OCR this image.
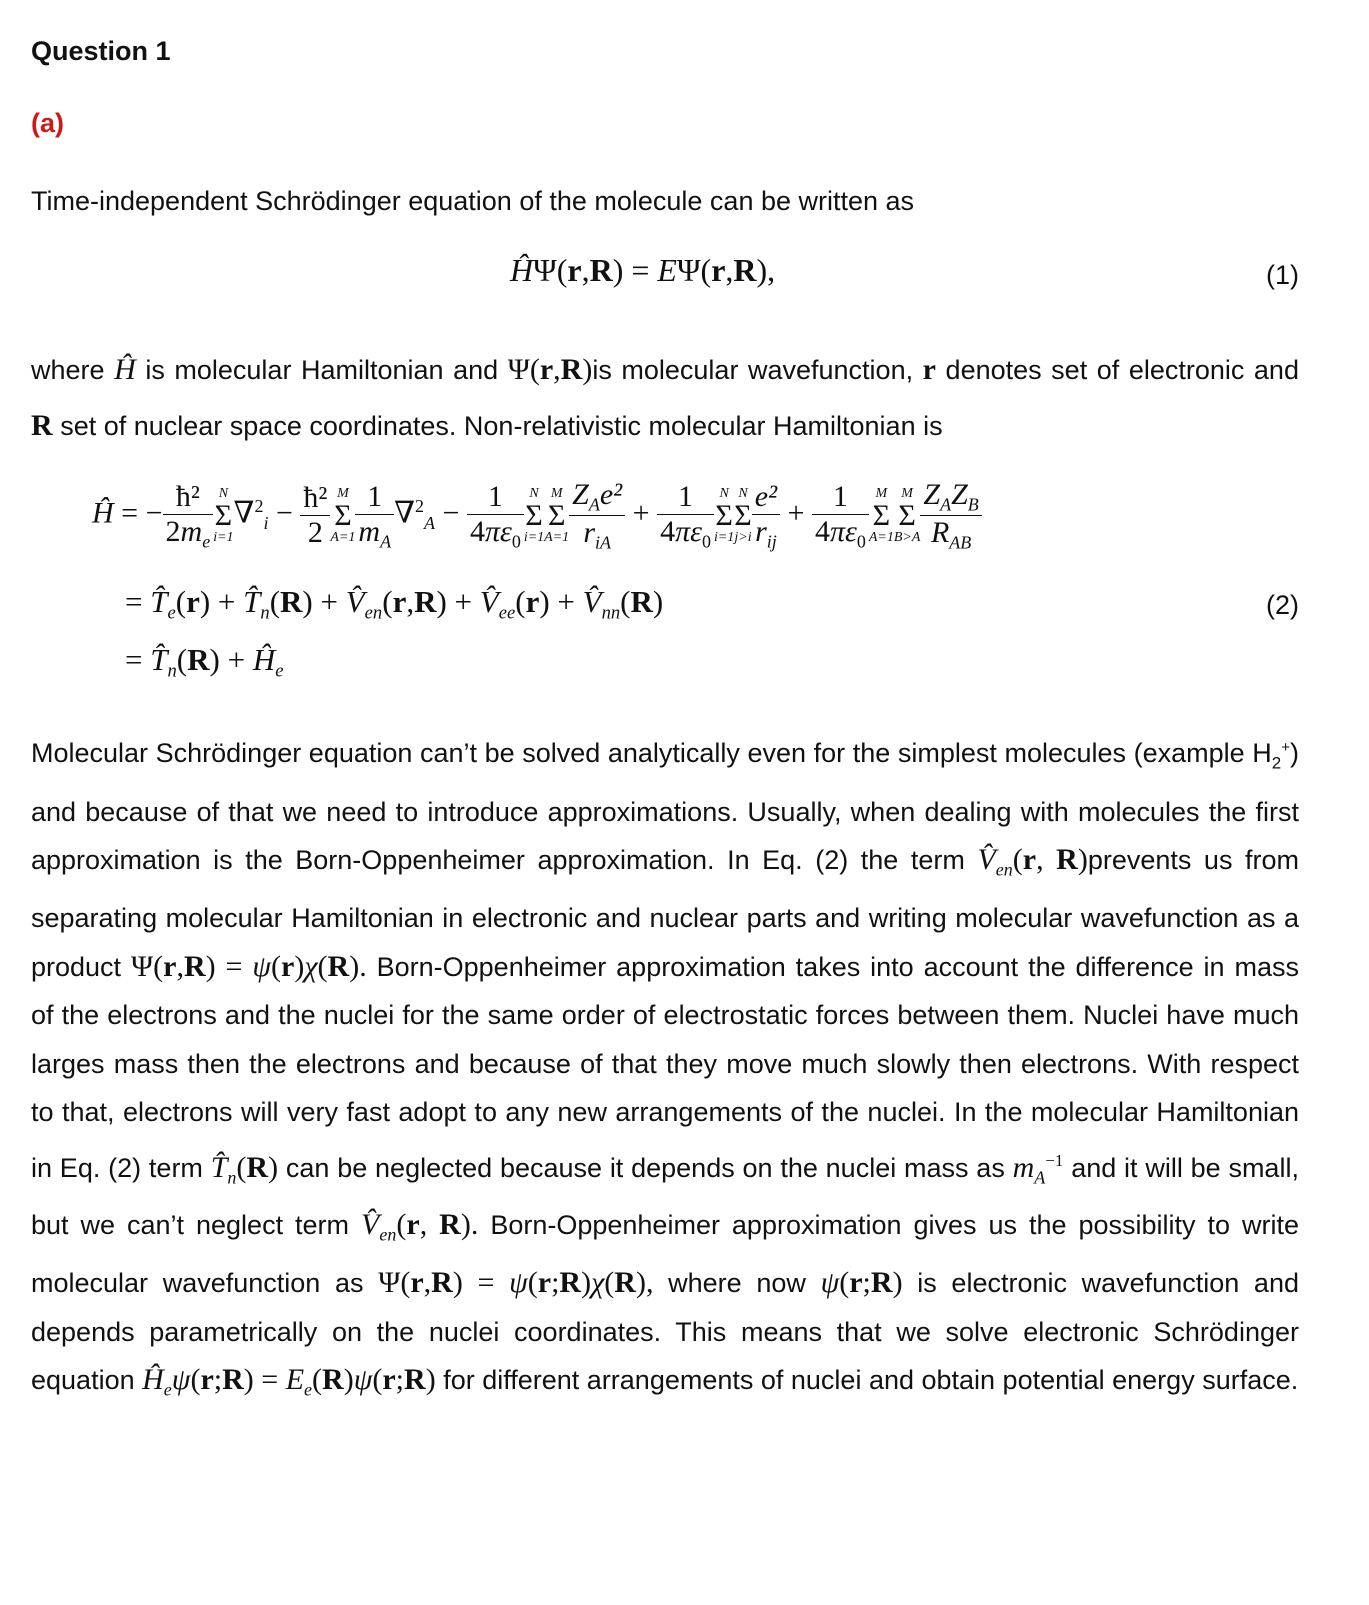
Question 1
(a)
Time-independent Schrödinger equation of the molecule can be written as
ĤΨ(r,R) = EΨ(r,R),	(1)
where Ĥ is molecular Hamiltonian and Ψ(r,R)is molecular wavefunction, r denotes set of electronic and R set of nuclear space coordinates. Non-relativistic molecular Hamiltonian is
Ĥ = − $\frac{\text{ħ²}}{2m_e}$ N
Σ
i=1
$\nabla^2_i - \frac{\text{ħ²}}{2}$ M
Σ
$A=1 \frac{1}{m_A} \nabla^2_A - \frac{1}{4\pi\varepsilon_0}$ N
Σ
i=1
M
Σ
$A=1 \frac{Z_Ae^2}{r_{iA}} + \frac{1}{4\pi\varepsilon_0}$ N
Σ
i=1
N
Σ
$j>i \frac{\text{e²}}{r_{ij}} + \frac{1}{4\pi\varepsilon_0}$ M
Σ
A=1
M
Σ
$B>A \frac{Z_AZ_B}{R_{AB}}$
= $T̂_e(r)$ + $T̂_n(R)$ + $V̂_{en}(r,R)$ + $V̂_{ee}(r)$ + $V̂_{nn}(R)$	(2)
= $T̂_n(R)$ + $Ĥ_e$
Molecular Schrödinger equation can’t be solved analytically even for the simplest molecules (example $H_2^+$) and because of that we need to introduce approximations. Usually, when dealing with molecules the first approximation is the Born-Oppenheimer approximation. In Eq. (2) the term $V̂_{en}(r$, R)prevents us from separating molecular Hamiltonian in electronic and nuclear parts and writing molecular wavefunction as a product Ψ(r,R) = ψ(r)χ(R). Born-Oppenheimer approximation takes into account the difference in mass of the electrons and the nuclei for the same order of electrostatic forces between them. Nuclei have much larges mass then the electrons and because of that they move much slowly then electrons. With respect to that, electrons will very fast adopt to any new arrangements of the nuclei. In the molecular Hamiltonian in Eq. (2) term $T̂_n(R)$ can be neglected because it depends on the nuclei mass as $m_A^{-1}$ and it will be small, but we can’t neglect term $V̂_{en}(r$, R). Born-Oppenheimer approximation gives us the possibility to write molecular wavefunction as Ψ(r,R) = ψ(r;R)χ(R), where now ψ(r;R) is electronic wavefunction and depends parametrically on the nuclei coordinates. This means that we solve electronic Schrödinger equation $Ĥ_e\psi(r;R)$ = $E_e(R)\psi(r;R)$ for different arrangements of nuclei and obtain potential energy surface.
